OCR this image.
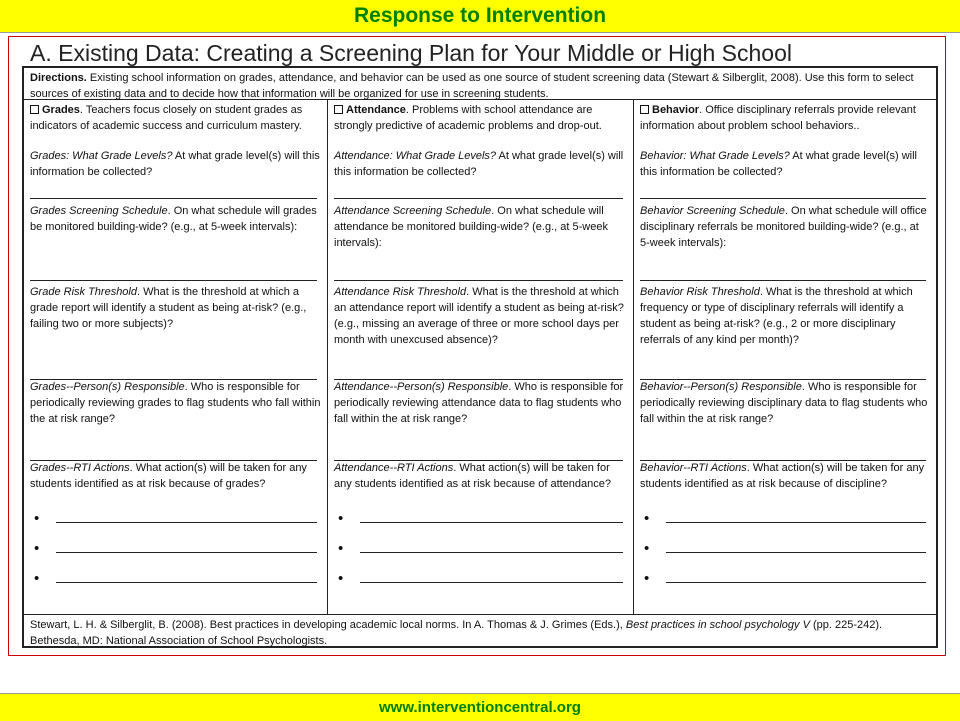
Response to Intervention
A. Existing Data: Creating a Screening Plan for Your Middle or High School
Directions. Existing school information on grades, attendance, and behavior can be used as one source of student screening data (Stewart & Silberglit, 2008). Use this form to select sources of existing data and to decide how that information will be organized for use in screening students.
Grades. Teachers focus closely on student grades as indicators of academic success and curriculum mastery.
Grades: What Grade Levels? At what grade level(s) will this information be collected?
Grades Screening Schedule. On what schedule will grades be monitored building-wide? (e.g., at 5-week intervals):
Grade Risk Threshold. What is the threshold at which a grade report will identify a student as being at-risk? (e.g., failing two or more subjects)?
Grades--Person(s) Responsible. Who is responsible for periodically reviewing grades to flag students who fall within the at risk range?
Grades--RTI Actions. What action(s) will be taken for any students identified as at risk because of grades?
•
•
•
Attendance. Problems with school attendance are strongly predictive of academic problems and drop-out.
Attendance: What Grade Levels? At what grade level(s) will this information be collected?
Attendance Screening Schedule. On what schedule will attendance be monitored building-wide? (e.g., at 5-week intervals):
Attendance Risk Threshold. What is the threshold at which an attendance report will identify a student as being at-risk? (e.g., missing an average of three or more school days per month with unexcused absence)?
Attendance--Person(s) Responsible. Who is responsible for periodically reviewing attendance data to flag students who fall within the at risk range?
Attendance--RTI Actions. What action(s) will be taken for any students identified as at risk because of attendance?
•
•
•
Behavior. Office disciplinary referrals provide relevant information about problem school behaviors..
Behavior: What Grade Levels? At what grade level(s) will this information be collected?
Behavior Screening Schedule. On what schedule will office disciplinary referrals be monitored building-wide? (e.g., at 5-week intervals):
Behavior Risk Threshold. What is the threshold at which frequency or type of disciplinary referrals will identify a student as being at-risk? (e.g., 2 or more disciplinary referrals of any kind per month)?
Behavior--Person(s) Responsible. Who is responsible for periodically reviewing disciplinary data to flag students who fall within the at risk range?
Behavior--RTI Actions. What action(s) will be taken for any students identified as at risk because of discipline?
•
•
•
Stewart, L. H. & Silberglit, B. (2008). Best practices in developing academic local norms. In A. Thomas & J. Grimes (Eds.), Best practices in school psychology V (pp. 225-242). Bethesda, MD: National Association of School Psychologists.
www.interventioncentral.org
